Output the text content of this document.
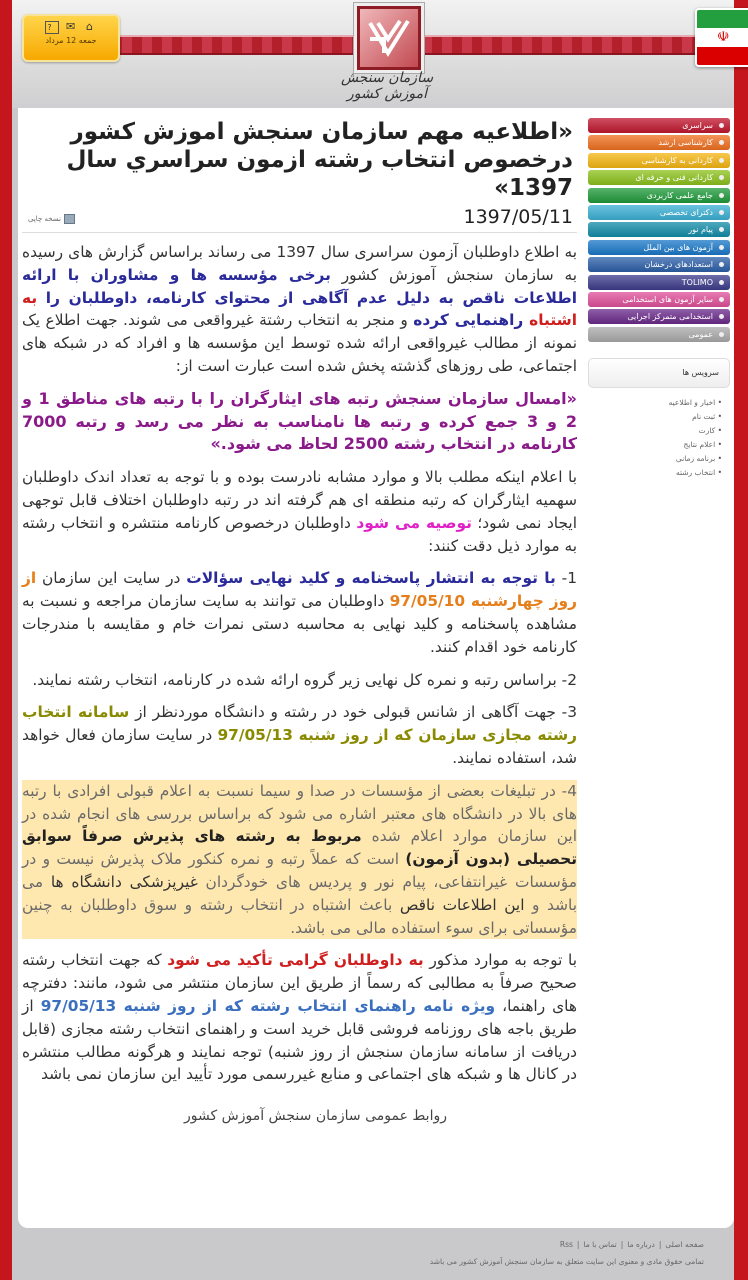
? ✉ ⌂
جمعه 12 مرداد
سازمان سنجش آموزش کشور
☫
سراسری
کارشناسی ارشد
کاردانی به کارشناسی
کاردانی فنی و حرفه ای
جامع علمی کاربردی
دکترای تخصصی
پیام نور
آزمون های بین الملل
استعدادهای درخشان
TOLIMO
سایر آزمون های استخدامی
استخدامی متمرکز اجرایی
عمومی
سرویس ها
• اخبار و اطلاعیه
• ثبت نام
• کارت
• اعلام نتایج
• برنامه زمانی
• انتخاب رشته
«اطلاعیه مهم سازمان سنجش اموزش كشور درخصوص انتخاب رشته ازمون سراسري سال 1397»
1397/05/11
نسخه چاپی

به اطلاع داوطلبان آزمون سراسری سال 1397 می رساند براساس گزارش های رسیده به سازمان سنجش آموزش کشور برخی مؤسسه ها و مشاوران با ارائه اطلاعات ناقص به دلیل عدم آگاهی از محتوای کارنامه، داوطلبان را به اشتباه راهنمایی کرده و منجر به انتخاب رشتة غیرواقعی می شوند. جهت اطلاع یک نمونه از مطالب غیرواقعی ارائه شده توسط این مؤسسه ها و افراد که در شبکه های اجتماعی، طی روزهای گذشته پخش شده است عبارت است از:

«امسال سازمان سنجش رتبه های ایثارگران را با رتبه های مناطق 1 و 2 و 3 جمع کرده و رتبه ها نامناسب به نظر می رسد و رتبه 7000 کارنامه در انتخاب رشته 2500 لحاظ می شود.»

با اعلام اینکه مطلب بالا و موارد مشابه نادرست بوده و با توجه به تعداد اندک داوطلبان سهمیه ایثارگران که رتبه منطقه ای هم گرفته اند در رتبه داوطلبان اختلاف قابل توجهی ایجاد نمی شود؛ توصیه می شود داوطلبان درخصوص کارنامه منتشره و انتخاب رشته به موارد ذیل دقت کنند:

1- با توجه به انتشار پاسخنامه و کلید نهایی سؤالات در سایت این سازمان از روز چهارشنبه 97/05/10 داوطلبان می توانند به سایت سازمان مراجعه و نسبت به مشاهده پاسخنامه و کلید نهایی به محاسبه دستی نمرات خام و مقایسه با مندرجات کارنامه خود اقدام کنند.

2- براساس رتبه و نمره کل نهایی زیر گروه ارائه شده در کارنامه، انتخاب رشته نمایند.

3- جهت آگاهی از شانس قبولی خود در رشته و دانشگاه موردنظر از سامانه انتخاب رشته مجازی سازمان که از روز شنبه 97/05/13 در سایت سازمان فعال خواهد شد، استفاده نمایند.

4- در تبلیغات بعضی از مؤسسات در صدا و سیما نسبت به اعلام قبولی افرادی با رتبه های بالا در دانشگاه های معتبر اشاره می شود که براساس بررسی های انجام شده در این سازمان موارد اعلام شده مربوط به رشته های پذیرش صرفاً سوابق تحصیلی (بدون آزمون) است که عملاً رتبه و نمره کنکور ملاک پذیرش نیست و در مؤسسات غیرانتفاعی، پیام نور و پردیس های خودگردان غیرپزشکی دانشگاه ها می باشد و این اطلاعات ناقص باعث اشتباه در انتخاب رشته و سوق داوطلبان به چنین مؤسساتی برای سوء استفاده مالی می باشد.

با توجه به موارد مذکور به داوطلبان گرامی تأکید می شود که جهت انتخاب رشته صحیح صرفاً به مطالبی که رسماً از طریق این سازمان منتشر می شود، مانند: دفترچه های راهنما، ویژه نامه راهنمای انتخاب رشته که از روز شنبه 97/05/13 از طریق باجه های روزنامه فروشی قابل خرید است و راهنمای انتخاب رشته مجازی (قابل دریافت از سامانه سازمان سنجش از روز شنبه) توجه نمایند و هرگونه مطالب منتشره در کانال ها و شبکه های اجتماعی و منابع غیررسمی مورد تأیید این سازمان نمی باشد

روابط عمومی سازمان سنجش آموزش کشور
صفحه اصلی|درباره ما|تماس با ما|Rss
تمامی حقوق مادی و معنوی این سایت متعلق به سازمان سنجش آموزش کشور می باشد
